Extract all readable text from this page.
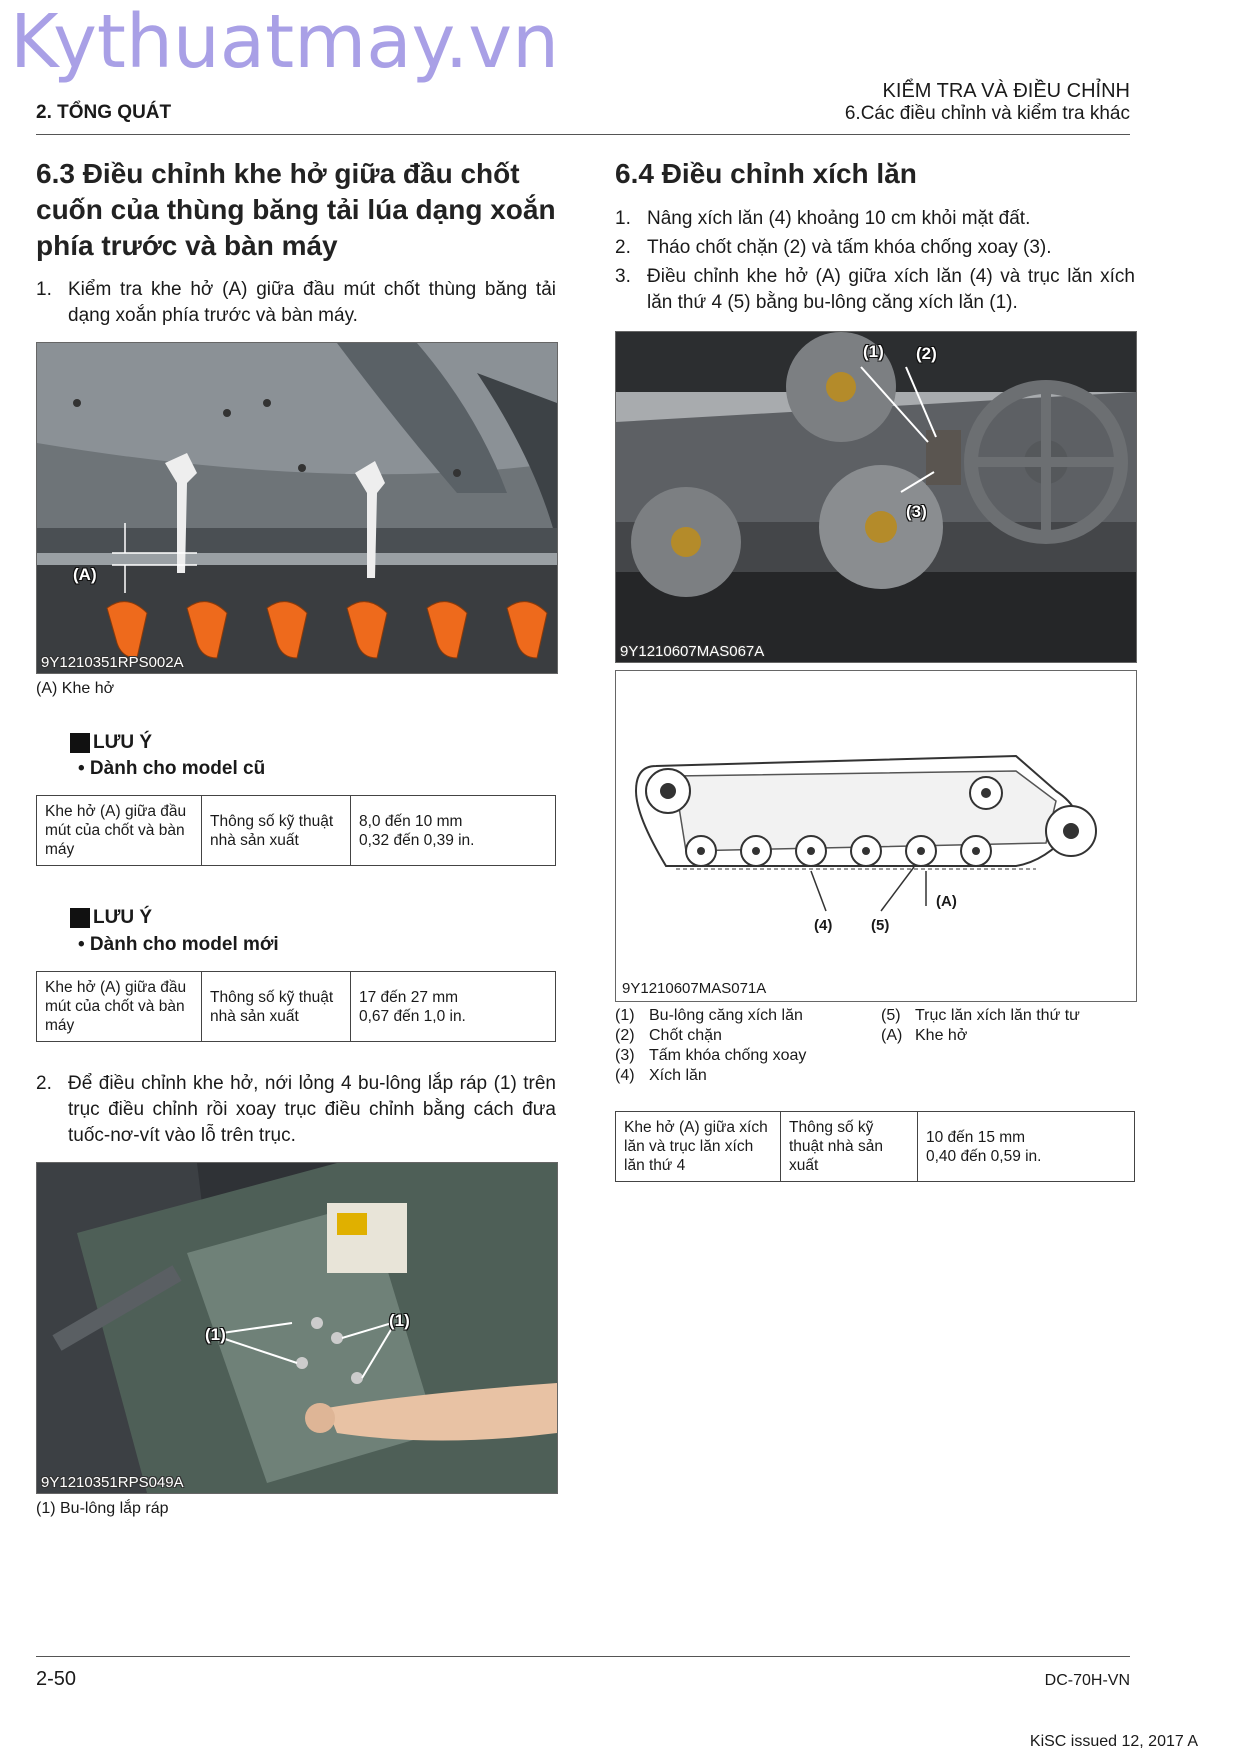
Kythuatmay.vn
2. TỔNG QUÁT
KIỂM TRA VÀ ĐIỀU CHỈNH
6.Các điều chỉnh và kiểm tra khác
6.3 Điều chỉnh khe hở giữa đầu chốt cuốn của thùng băng tải lúa dạng xoắn phía trước và bàn máy
1. Kiểm tra khe hở (A) giữa đầu mút chốt thùng băng tải dạng xoắn phía trước và bàn máy.
(A)
9Y1210351RPS002A
(A) Khe hở
LƯU Ý
• Dành cho model cũ
Khe hở (A) giữa đầu mút của chốt và bàn máy	Thông số kỹ thuật nhà sản xuất	
8,0 đến 10 mm
0,32 đến 0,39 in.
LƯU Ý
• Dành cho model mới
Khe hở (A) giữa đầu mút của chốt và bàn máy	Thông số kỹ thuật nhà sản xuất	
17 đến 27 mm
0,67 đến 1,0 in.
2. Để điều chỉnh khe hở, nới lỏng 4 bu-lông lắp ráp (1) trên trục điều chỉnh rồi xoay trục điều chỉnh bằng cách đưa tuốc-nơ-vít vào lỗ trên trục.
(1)
(1)
9Y1210351RPS049A
(1) Bu-lông lắp ráp
6.4 Điều chỉnh xích lăn
1. Nâng xích lăn (4) khoảng 10 cm khỏi mặt đất.
2. Tháo chốt chặn (2) và tấm khóa chống xoay (3).
3. Điều chỉnh khe hở (A) giữa xích lăn (4) và trục lăn xích lăn thứ 4 (5) bằng bu-lông căng xích lăn (1).
(1) (2)
(3)
9Y1210607MAS067A
(4)	(5)
(A)
9Y1210607MAS071A
(1) Bu-lông căng xích lăn
(2) Chốt chặn
(3) Tấm khóa chống xoay
(4) Xích lăn
(5) Trục lăn xích lăn thứ tư
(A) Khe hở
Khe hở (A) giữa xích lăn và trục lăn xích lăn thứ 4	Thông số kỹ thuật nhà sản xuất	
10 đến 15 mm
0,40 đến 0,59 in.
2-50	DC-70H-VN
KiSC issued 12, 2017 A
